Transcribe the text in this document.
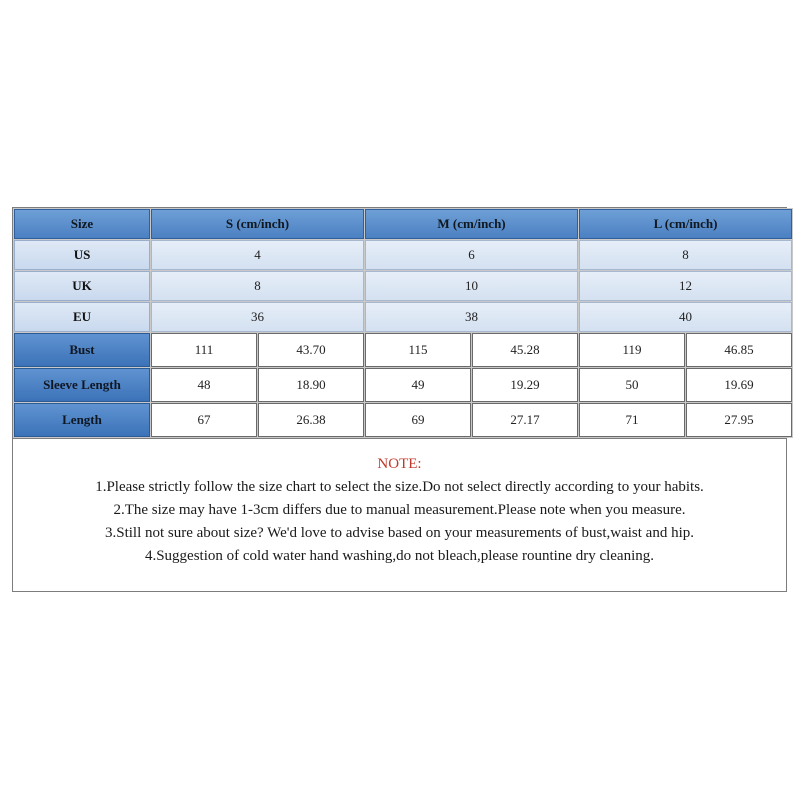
Size	S (cm/inch)		M (cm/inch)		L (cm/inch)	
US	4		6		8	
UK	8		10		12	
EU	36		38		40	
Bust	111	43.70	115	45.28	119	46.85
Sleeve Length	48	18.90	49	19.29	50	19.69
Length	67	26.38	69	27.17	71	27.95
NOTE:
1.Please strictly follow the size chart to select the size.Do not select directly according to your habits.
2.The size may have 1-3cm differs due to manual measurement.Please note when you measure.
3.Still not sure about size? We'd love to advise based on your measurements of bust,waist and hip.
4.Suggestion of cold water hand washing,do not bleach,please rountine dry cleaning.
